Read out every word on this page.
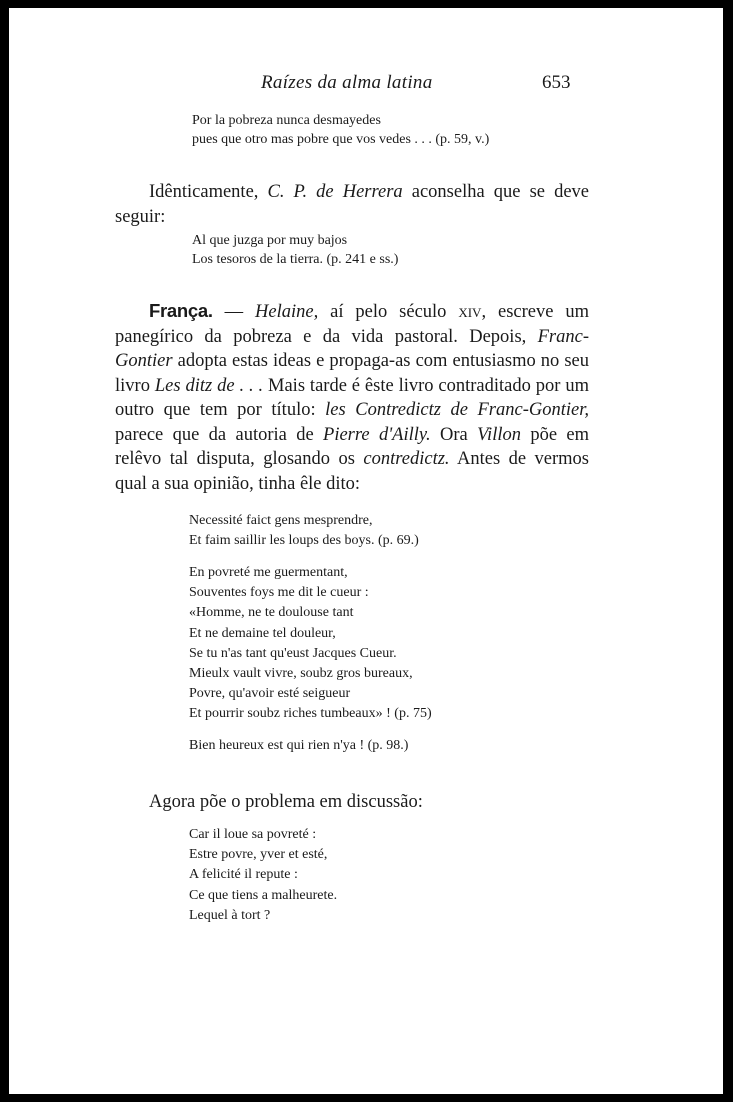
Raízes da alma latina	653
Por la pobreza nunca desmayedes
pues que otro mas pobre que vos vedes . . . (p. 59, v.)
Idênticamente, C. P. de Herrera aconselha que se deve seguir:
Al que juzga por muy bajos
Los tesoros de la tierra. (p. 241 e ss.)
França. — Helaine, aí pelo século xiv, escreve um panegírico da pobreza e da vida pastoral. Depois, Franc-Gontier adopta estas ideas e propaga-as com entusiasmo no seu livro Les ditz de . . . Mais tarde é êste livro contraditado por um outro que tem por título: les Contredictz de Franc-Gontier, parece que da autoria de Pierre d'Ailly. Ora Villon põe em relêvo tal disputa, glosando os contredictz. Antes de vermos qual a sua opinião, tinha êle dito:
Necessité faict gens mesprendre,
Et faim saillir les loups des boys. (p. 69.)
En povreté me guermentant,
Souventes foys me dit le cueur :
«Homme, ne te doulouse tant
Et ne demaine tel douleur,
Se tu n'as tant qu'eust Jacques Cueur.
Mieulx vault vivre, soubz gros bureaux,
Povre, qu'avoir esté seigueur
Et pourrir soubz riches tumbeaux» ! (p. 75)
Bien heureux est qui rien n'ya ! (p. 98.)
Agora põe o problema em discussão:
Car il loue sa povreté :
Estre povre, yver et esté,
A felicité il repute :
Ce que tiens a malheurete.
Lequel à tort ?
